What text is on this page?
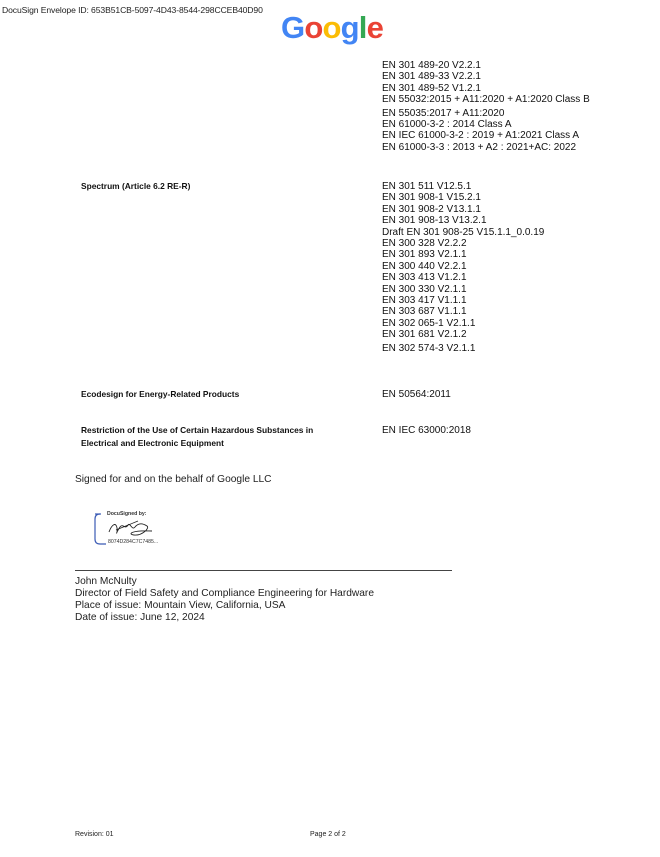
DocuSign Envelope ID: 653B51CB-5097-4D43-8544-298CCEB40D90 Google
EN 301 489-20 V2.2.1
EN 301 489-33 V2.2.1
EN 301 489-52 V1.2.1
EN 55032:2015 + A11:2020 + A1:2020 Class B
EN 55035:2017 + A11:2020
EN 61000-3-2 : 2014 Class A
EN IEC 61000-3-2 : 2019 + A1:2021 Class A
EN 61000-3-3 : 2013 + A2 : 2021+AC: 2022
Spectrum (Article 6.2 RE-R)	EN 301 511 V12.5.1
EN 301 908-1 V15.2.1
EN 301 908-2 V13.1.1
EN 301 908-13 V13.2.1
Draft EN 301 908-25 V15.1.1_0.0.19
EN 300 328 V2.2.2
EN 301 893 V2.1.1
EN 300 440 V2.2.1
EN 303 413 V1.2.1
EN 300 330 V2.1.1
EN 303 417 V1.1.1
EN 303 687 V1.1.1
EN 302 065-1 V2.1.1
EN 301 681 V2.1.2
EN 302 574-3 V2.1.1
Ecodesign for Energy-Related Products	EN 50564:2011
Restriction of the Use of Certain Hazardous Substances in
Electrical and Electronic Equipment
EN IEC 63000:2018
Signed for and on the behalf of Google LLC
DocuSigned by:
8074D284C7C7485...
John McNulty
Director of Field Safety and Compliance Engineering for Hardware
Place of issue: Mountain View, California, USA
Date of issue: June 12, 2024
Revision: 01	Page 2 of 2
